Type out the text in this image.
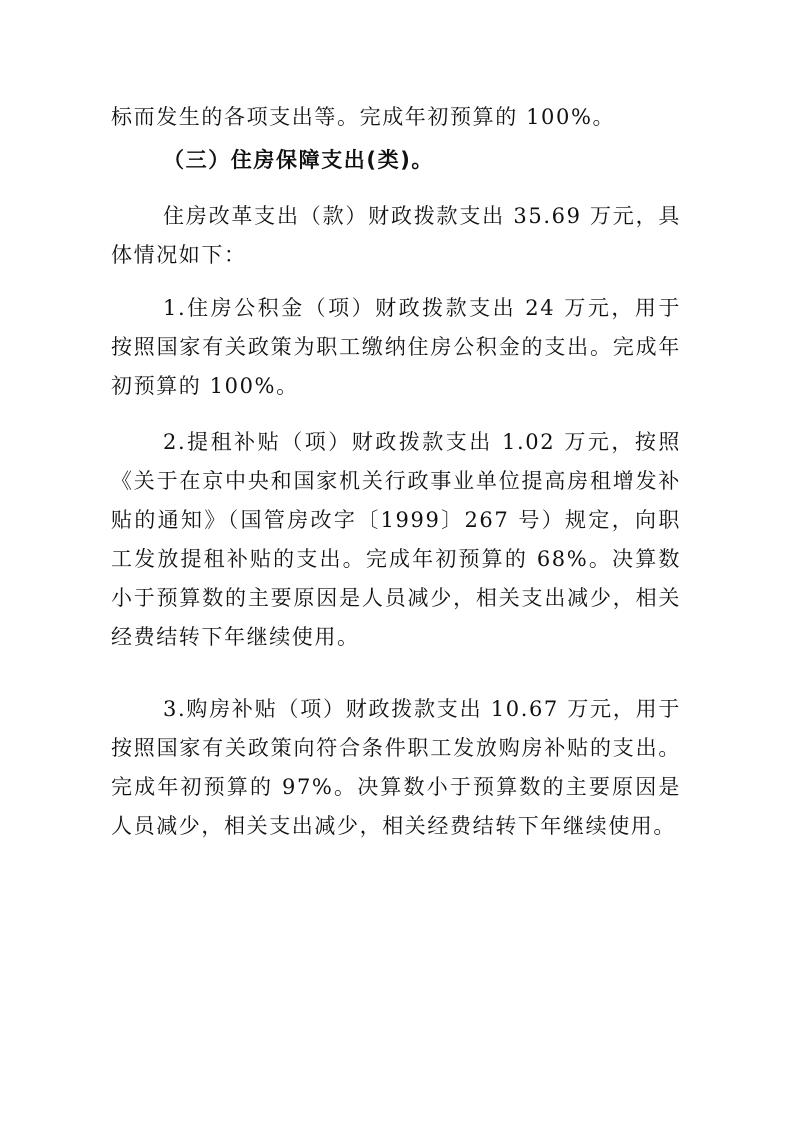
标而发生的各项支出等。完成年初预算的 100%。

（三）住房保障支出(类)。

住房改革支出（款）财政拨款支出 35.69 万元，具体情况如下：

1.住房公积金（项）财政拨款支出 24 万元，用于按照国家有关政策为职工缴纳住房公积金的支出。完成年初预算的 100%。

2.提租补贴（项）财政拨款支出 1.02 万元，按照《关于在京中央和国家机关行政事业单位提高房租增发补贴的通知》（国管房改字〔1999〕267 号）规定，向职工发放提租补贴的支出。完成年初预算的 68%。决算数小于预算数的主要原因是人员减少，相关支出减少，相关经费结转下年继续使用。

3.购房补贴（项）财政拨款支出 10.67 万元，用于按照国家有关政策向符合条件职工发放购房补贴的支出。完成年初预算的 97%。决算数小于预算数的主要原因是人员减少，相关支出减少，相关经费结转下年继续使用。
